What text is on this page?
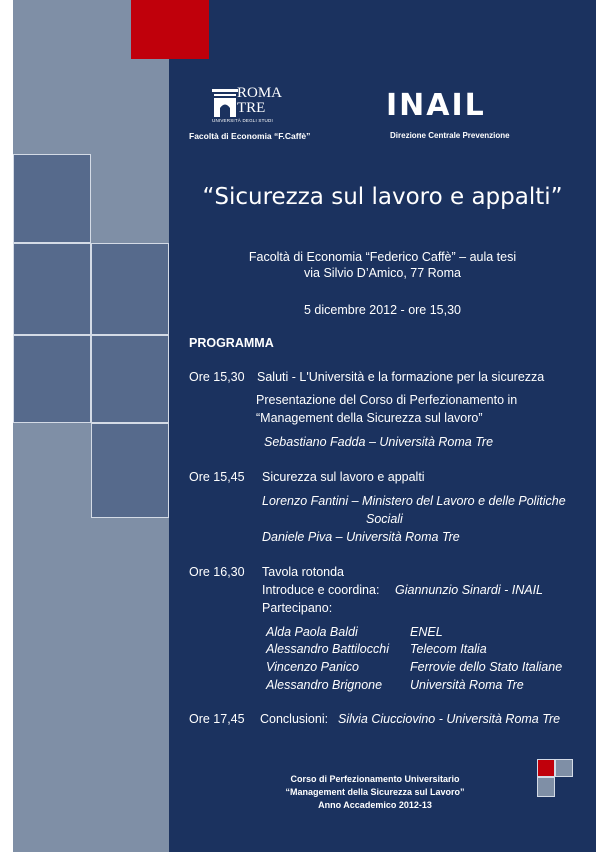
ROMA
TRE
UNIVERSITÀ DEGLI STUDI
Facoltà di Economia “F.Caffè”
INAIL
Direzione Centrale Prevenzione
“Sicurezza sul lavoro e appalti”
Facoltà di Economia “Federico Caffè” – aula tesi
via Silvio D’Amico, 77 Roma
5 dicembre 2012 - ore 15,30
PROGRAMMA
Ore 15,30 Saluti - L'Università e la formazione per la sicurezza
Presentazione del Corso di Perfezionamento in
“Management della Sicurezza sul lavoro”
Sebastiano Fadda – Università Roma Tre
Ore 15,45 Sicurezza sul lavoro e appalti
Lorenzo Fantini – Ministero del Lavoro e delle Politiche
Sociali
Daniele Piva – Università Roma Tre
Ore 16,30 Tavola rotonda
Introduce e coordina: Giannunzio Sinardi - INAIL
Partecipano:
Alda Paola Baldi	ENEL
Alessandro Battilocchi Telecom Italia
Vincenzo Panico	Ferrovie dello Stato Italiane
Alessandro Brignone Università Roma Tre
Ore 17,45 Conclusioni: Silvia Ciucciovino - Università Roma Tre
Corso di Perfezionamento Universitario
“Management della Sicurezza sul Lavoro”
Anno Accademico 2012-13
